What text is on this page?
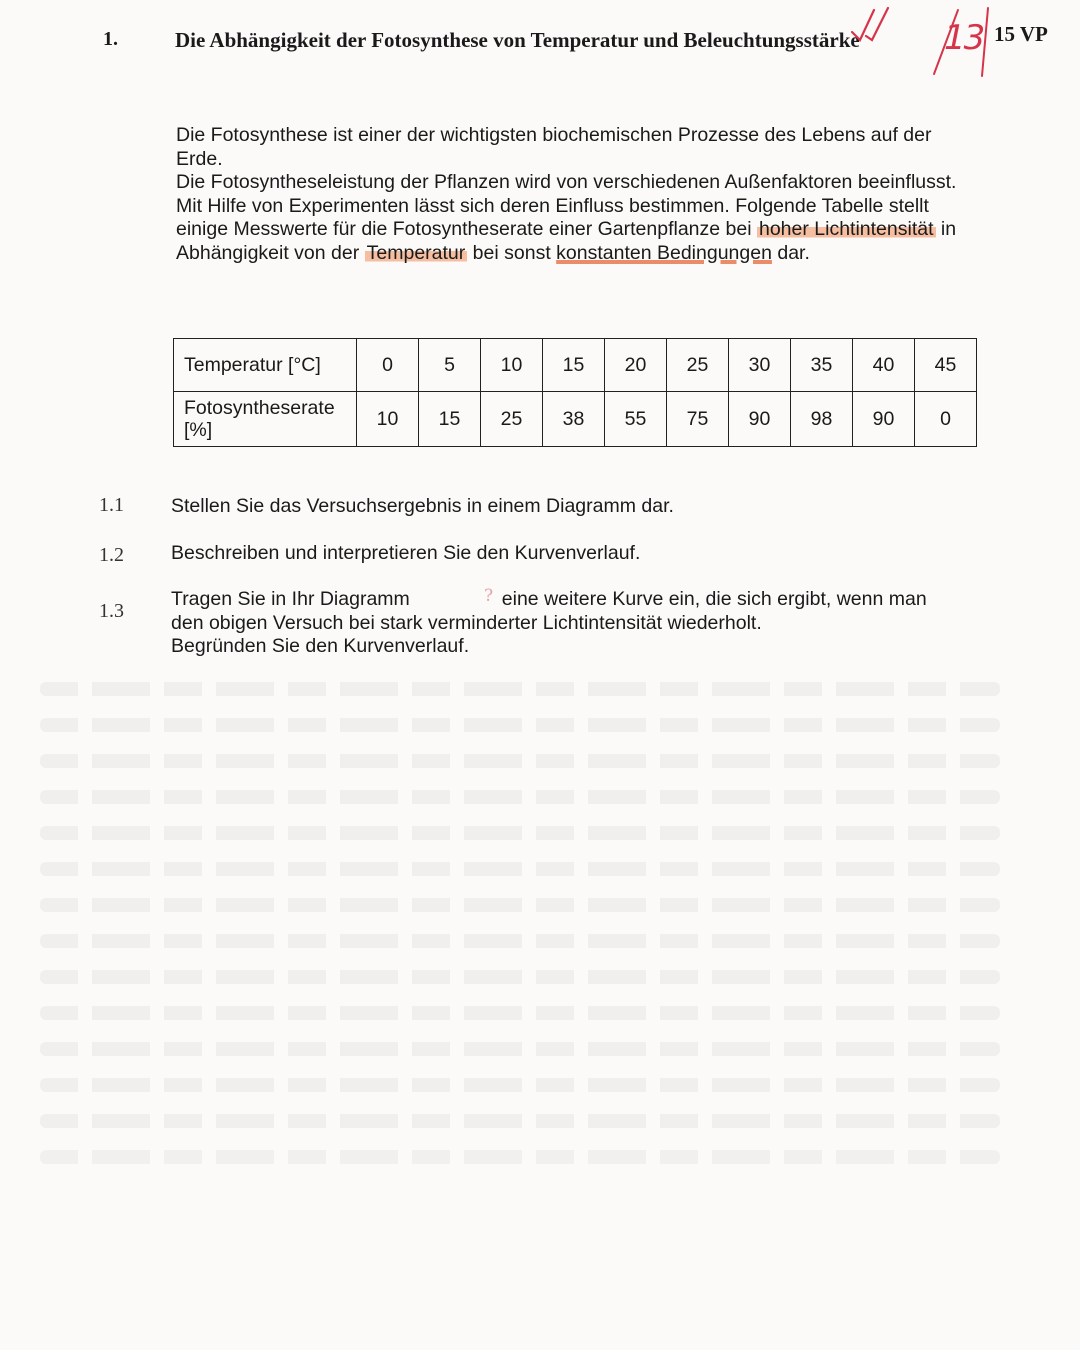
1.	Die Abhängigkeit der Fotosynthese von Temperatur und Beleuchtungsstärke 13 15 VP

Die Fotosynthese ist einer der wichtigsten biochemischen Prozesse des Lebens auf der Erde.

Die Fotosyntheseleistung der Pflanzen wird von verschiedenen Außenfaktoren beeinflusst. Mit Hilfe von Experimenten lässt sich deren Einfluss bestimmen. Folgende Tabelle stellt einige Messwerte für die Fotosyntheserate einer Gartenpflanze bei hoher Lichtintensität in Abhängigkeit von der Temperatur bei sonst konstanten Bedingungen dar.

Temperatur [°C]	0	5	10	15	20	25	30	35	40	45

Fotosyntheserate
[%]	10	15	25	38	55	75	90	98	90	0
1.1 Stellen Sie das Versuchsergebnis in einem Diagramm dar.
1.2 Beschreiben und interpretieren Sie den Kurvenverlauf.
1.3
Tragen Sie in Ihr Diagramm	eine weitere Kurve ein, die sich ergibt, wenn man den obigen Versuch bei stark verminderter Lichtintensität wiederholt.
Begründen Sie den Kurvenverlauf.
?
